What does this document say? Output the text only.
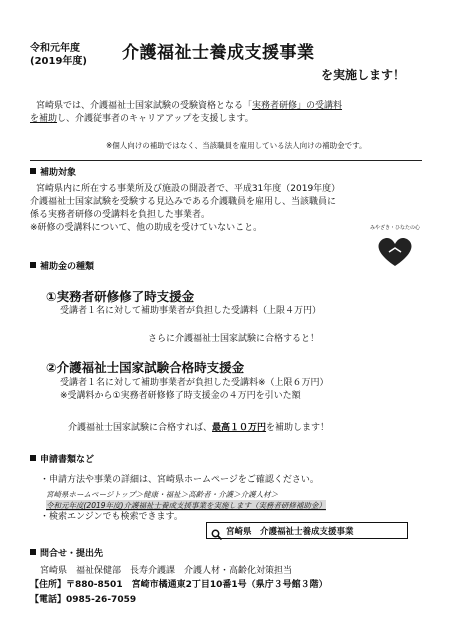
令和元年度
(2019年度) 介護福祉士養成支援事業
を実施します！
宮崎県では、介護福祉士国家試験の受験資格となる「実務者研修」の受講料
を補助し、介護従事者のキャリアアップを支援します。
※個人向けの補助ではなく、当該職員を雇用している法人向けの補助金です。
補助対象
宮崎県内に所在する事業所及び施設の開設者で、平成31年度（2019年度）
介護福祉士国家試験を受験する見込みである介護職員を雇用し、当該職員に
係る実務者研修の受講料を負担した事業者。
※研修の受講料について、他の助成を受けていないこと。	みやざき・ひなたの心
補助金の種類
①実務者研修修了時支援金
受講者１名に対して補助事業者が負担した受講料（上限４万円）
さらに介護福祉士国家試験に合格すると！
②介護福祉士国家試験合格時支援金
受講者１名に対して補助事業者が負担した受講料※（上限６万円）
※受講料から①実務者研修修了時支援金の４万円を引いた額
介護福祉士国家試験に合格すれば、最高１０万円を補助します！
申請書類など
・申請方法や事業の詳細は、宮崎県ホームページをご確認ください。
宮崎県ホームページトップ＞健康・福祉＞高齢者・介護＞介護人材＞
令和元年度(2019年度)介護福祉士養成支援事業を実施します（実務者研修補助金）
・検索エンジンでも検索できます。
宮崎県　 介護福祉士養成支援事業
問合せ・提出先
宮崎県　福祉保健部　長寿介護課　介護人材・高齢化対策担当
【住所】〒880-8501　宮崎市橘通東2丁目10番1号（県庁３号館３階）
【電話】0985-26-7059
